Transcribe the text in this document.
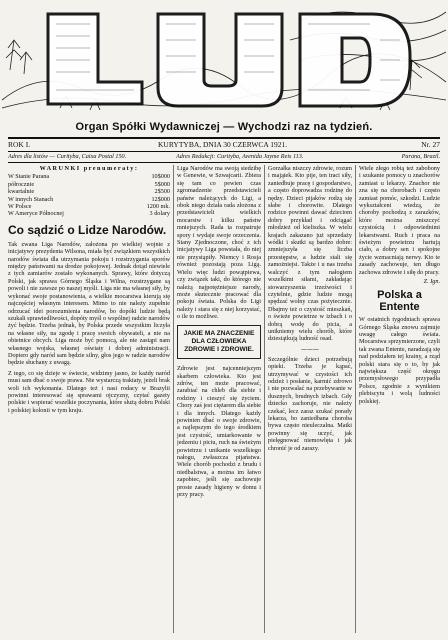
Organ Spółki Wydawniczej — Wychodzi raz na tydzień.
ROK I.	KURYTYBA, DNIA 30 CZERWCA 1921.	Nr. 27
Adres dla listów — Curityba, Caixa Postal 150.	Adres Redakcji: Curityba, Avenida Jayme Reis 113.	Parana, Brazil.
WARUNKI prenumeraty:
W Stanie Parana	10$000
półrocznie	5$000
kwartalnie	2$500
W innych Stanach	12$000
W Polsce	1200 mk.
W Ameryce Północnej	3 dolary
Co sądzić o Lidze Narodów.

Tak zwana Liga Narodów, założona po wielkiej wojnie z inicjatywy prezydenta Wilsona, miała być związkiem wszystkich narodów świata dla utrzymania pokoju i rozstrzygania sporów między państwami na drodze pokojowej. Jednak dotąd niewiele z tych zamiarów zostało wykonanych. Sprawy, które dotyczą Polski, jak sprawa Górnego Śląska i Wilna, rozstrzygane są powoli i nie zawsze po naszej myśli. Liga nie ma własnej siły, by wykonać swoje postanowienia, a wielkie mocarstwa kierują się najczęściej własnym interesem. Mimo to nie należy zupełnie odrzucać idei porozumienia narodów, bo dopóki ludzie będą szukali sprawiedliwości, dopóty myśl o wspólnej radzie narodów żyć będzie. Trzeba jednak, by Polska przede wszystkim liczyła na własne siły, na zgodę i pracę swoich obywateli, a nie na obietnice obcych. Liga może być pomocą, ale nie zastąpi nam własnego wojska, własnej oświaty i dobrej administracji. Dopiero gdy naród sam będzie silny, głos jego w radzie narodów będzie słuchany z uwagą.

Z tego, co się dzieje w świecie, widzimy jasno, że każdy naród musi sam dbać o swoje prawa. Nie wystarczą traktaty, jeżeli brak woli ich wykonania. Dlatego też i nasi rodacy w Brazylii powinni interesować się sprawami ojczyzny, czytać gazety polskie i wspierać wszelkie poczynania, które służą dobru Polski i polskiej kolonii w tym kraju.

Liga Narodów ma swoją siedzibę w Genewie, w Szwajcarii. Zbiera się tam co pewien czas zgromadzenie przedstawicieli państw należących do Ligi, a obok niego działa rada złożona z przedstawicieli wielkich mocarstw i kilku państw mniejszych. Rada ta rozpatruje spory i wydaje swoje orzeczenia. Stany Zjednoczone, choć z ich inicjatywy Liga powstała, do niej nie przystąpiły. Niemcy i Rosja również pozostają poza Ligą. Wielu więc ludzi powątpiewa, czy związek taki, do którego nie należą najpotężniejsze narody, może skutecznie pracować dla pokoju świata. Polska do Ligi należy i stara się z niej korzystać, o ile to możliwe.

JAKIE MA ZNACZENIE DLA CZŁOWIEKA ZDROWIE I ZDROWIE.

Zdrowie jest najcenniejszym skarbem człowieka. Kto jest zdrów, ten może pracować, zarabiać na chleb dla siebie i rodziny i cieszyć się życiem. Chory zaś jest ciężarem dla siebie i dla innych. Dlatego każdy powinien dbać o swoje zdrowie, a najlepszym do tego środkiem jest czystość, umiarkowanie w jedzeniu i piciu, ruch na świeżym powietrzu i unikanie wszelkiego nałogu, zwłaszcza pijaństwa. Wiele chorób pochodzi z brudu i niedbalstwa, a można im łatwo zapobiec, jeśli się zachowuje proste zasady higieny w domu i przy pracy.

Gorzałka niszczy zdrowie, rozum i majątek. Kto pije, ten traci siły, zaniedbuje pracę i gospodarstwo, a często doprowadza rodzinę do nędzy. Dzieci pijaków rodzą się słabe i chorowite. Dlatego rodzice powinni dawać dzieciom dobry przykład i odciągać młodzież od kieliszka. W wielu krajach zakazano już sprzedaży wódki i skutki są bardzo dobre: zmniejszyła się liczba przestępstw, a ludzie stali się zamożniejsi. Także i u nas trzeba walczyć z tym nałogiem wszelkimi siłami, zakładając stowarzyszenia trzeźwości i czytelnie, gdzie ludzie mogą spędzać wolny czas pożytecznie. Dbajmy też o czystość mieszkań, o świeże powietrze w izbach i o dobrą wodę do picia, a unikniemy wielu chorób, które dziesiątkują ludność osad.

———

Szczególnie dzieci potrzebują opieki. Trzeba je kąpać, utrzymywać w czystości ich odzież i posłanie, karmić zdrowo i nie pozwalać na przebywanie w dusznych, brudnych izbach. Gdy dziecko zachoruje, nie należy czekać, lecz zaraz szukać porady lekarza, bo zaniedbana choroba bywa często nieuleczalna. Matki powinny się uczyć, jak pielęgnować niemowlęta i jak chronić je od zarazy.

Wiele złego robią też zabobony i szukanie pomocy u znachorów zamiast u lekarzy. Znachor nie zna się na chorobach i często zamiast pomóc, szkodzi. Ludzie wykształceni wiedzą, że choroby pochodzą z zarazków, które można zniszczyć czystością i odpowiednimi lekarstwami. Ruch i praca na świeżym powietrzu hartują ciało, a dobry sen i spokojne życie wzmacniają nerwy. Kto te zasady zachowuje, ten długo zachowa zdrowie i siłę do pracy.

Z. Ign.
Polska a Entente

W ostatnich tygodniach sprawa Górnego Śląska znowu zajmuje uwagę całego świata. Mocarstwa sprzymierzone, czyli tak zwana Entente, naradzają się nad podziałem tej krainy, a rząd polski stara się o to, by jak największa część okręgu przemysłowego przypadła Polsce, zgodnie z wynikiem plebiscytu i wolą ludności polskiej.
